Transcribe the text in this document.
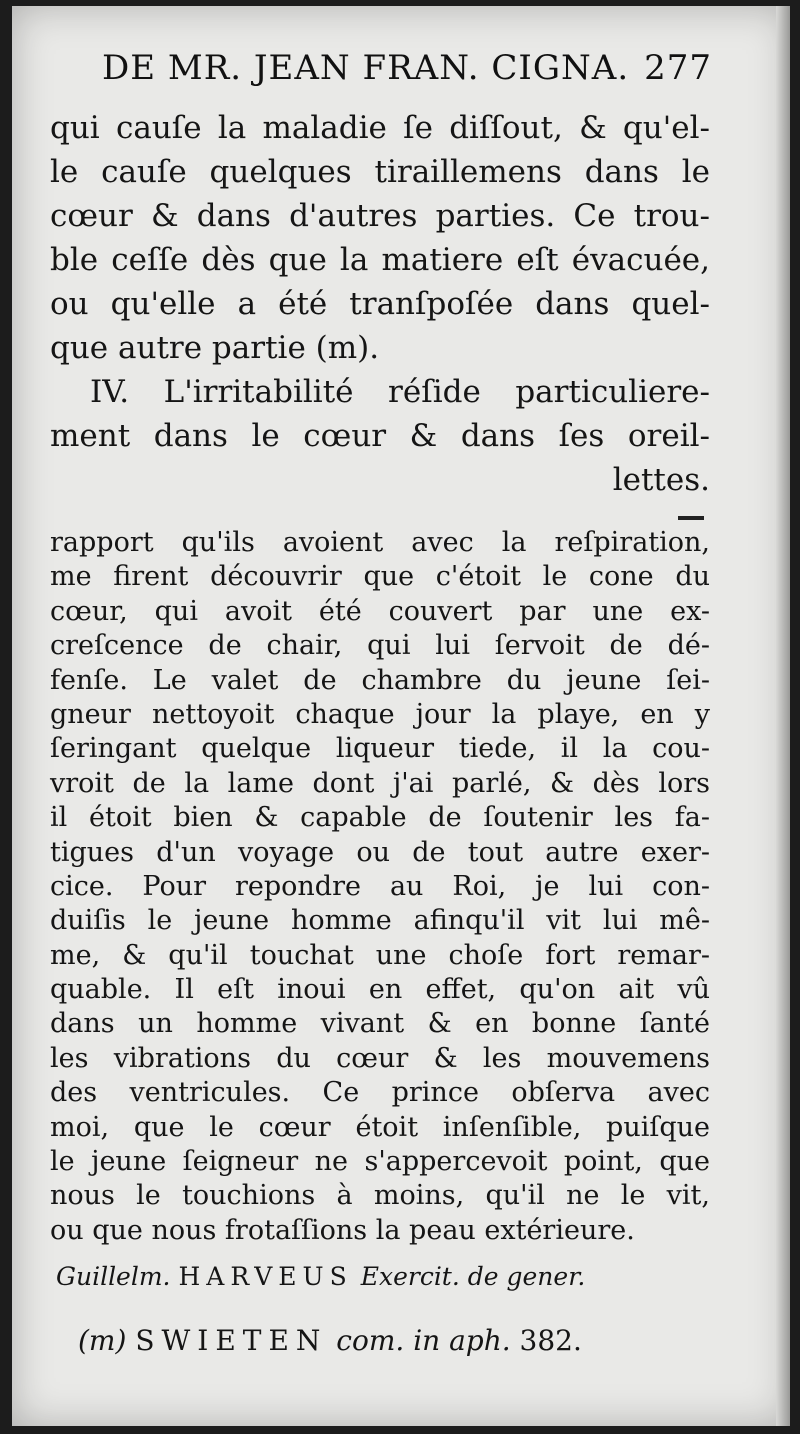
DE MR. JEAN FRAN. CIGNA. 277
qui cauſe la maladie ſe diſſout, & qu'el-
le cauſe quelques tiraillemens dans le
cœur & dans d'autres parties. Ce trou-
ble ceſſe dès que la matiere eſt évacuée,
ou qu'elle a été tranſpoſée dans quel-
que autre partie (m).
IV. L'irritabilité réſide particuliere-
ment dans le cœur & dans ſes oreil-
lettes.
rapport qu'ils avoient avec la reſpiration,
me firent découvrir que c'étoit le cone du
cœur, qui avoit été couvert par une ex-
creſcence de chair, qui lui ſervoit de dé-
fenſe. Le valet de chambre du jeune ſei-
gneur nettoyoit chaque jour la playe, en y
ſeringant quelque liqueur tiede, il la cou-
vroit de la lame dont j'ai parlé, & dès lors
il étoit bien & capable de ſoutenir les fa-
tigues d'un voyage ou de tout autre exer-
cice. Pour repondre au Roi, je lui con-
duiſis le jeune homme afinqu'il vit lui mê-
me, & qu'il touchat une choſe fort remar-
quable. Il eſt inoui en effet, qu'on ait vû
dans un homme vivant & en bonne ſanté
les vibrations du cœur & les mouvemens
des ventricules. Ce prince obſerva avec
moi, que le cœur étoit inſenſible, puiſque
le jeune ſeigneur ne s'appercevoit point, que
nous le touchions à moins, qu'il ne le vit,
ou que nous frotaſſions la peau extérieure.
Guillelm. HARVEUS Exercit. de gener.
(m) SWIETEN com. in aph. 382.
